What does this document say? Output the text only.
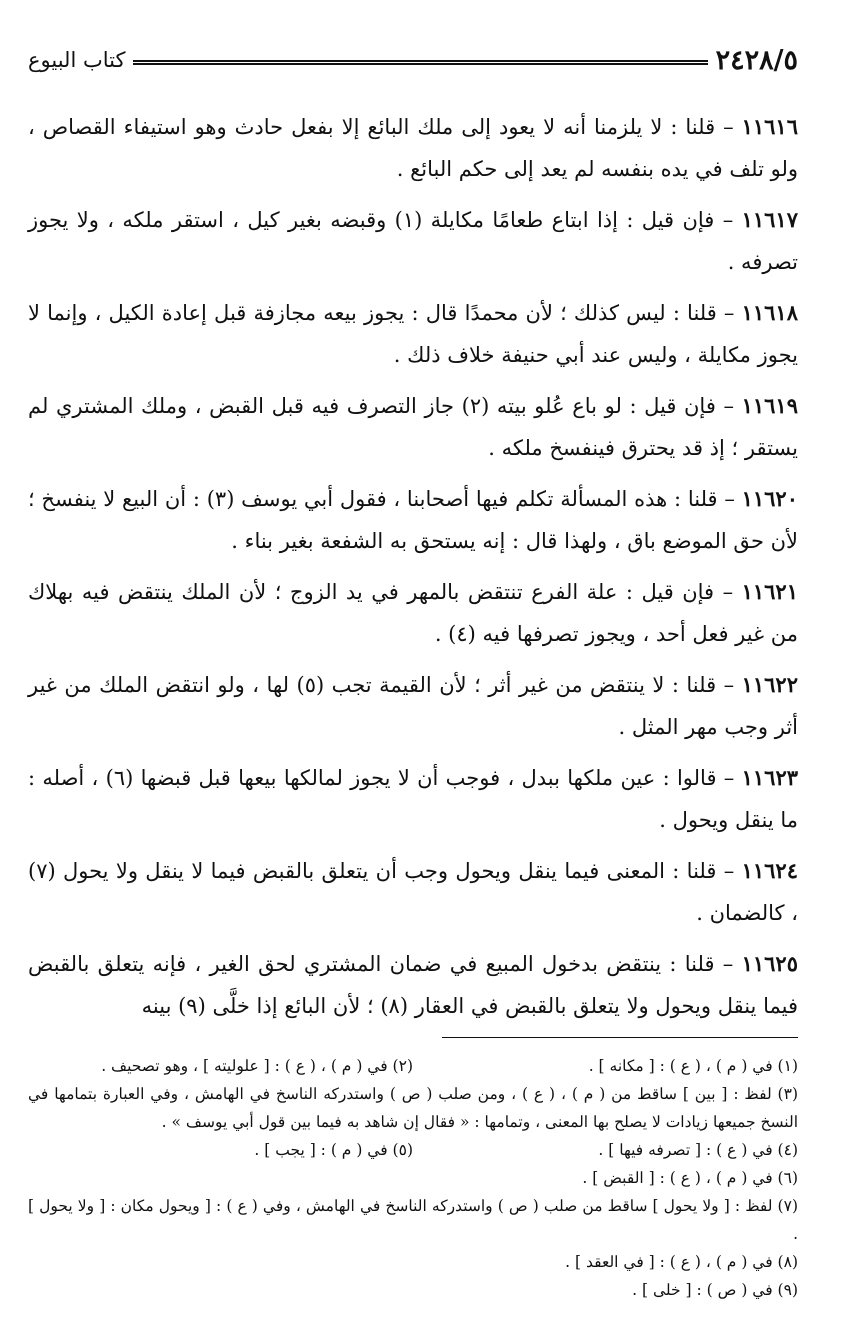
٢٤٢٨/٥
كتاب البيوع

١١٦١٦ – قلنا : لا يلزمنا أنه لا يعود إلى ملك البائع إلا بفعل حادث وهو استيفاء القصاص ، ولو تلف في يده بنفسه لم يعد إلى حكم البائع .

١١٦١٧ – فإن قيل : إذا ابتاع طعامًا مكايلة (١) وقبضه بغير كيل ، استقر ملكه ، ولا يجوز تصرفه .

١١٦١٨ – قلنا : ليس كذلك ؛ لأن محمدًا قال : يجوز بيعه مجازفة قبل إعادة الكيل ، وإنما لا يجوز مكايلة ، وليس عند أبي حنيفة خلاف ذلك .

١١٦١٩ – فإن قيل : لو باع عُلو بيته (٢) جاز التصرف فيه قبل القبض ، وملك المشتري لم يستقر ؛ إذ قد يحترق فينفسخ ملكه .

١١٦٢٠ – قلنا : هذه المسألة تكلم فيها أصحابنا ، فقول أبي يوسف (٣) : أن البيع لا ينفسخ ؛ لأن حق الموضع باق ، ولهذا قال : إنه يستحق به الشفعة بغير بناء .

١١٦٢١ – فإن قيل : علة الفرع تنتقض بالمهر في يد الزوج ؛ لأن الملك ينتقض فيه بهلاك من غير فعل أحد ، ويجوز تصرفها فيه (٤) .

١١٦٢٢ – قلنا : لا ينتقض من غير أثر ؛ لأن القيمة تجب (٥) لها ، ولو انتقض الملك من غير أثر وجب مهر المثل .

١١٦٢٣ – قالوا : عين ملكها ببدل ، فوجب أن لا يجوز لمالكها بيعها قبل قبضها (٦) ، أصله : ما ينقل ويحول .

١١٦٢٤ – قلنا : المعنى فيما ينقل ويحول وجب أن يتعلق بالقبض فيما لا ينقل ولا يحول (٧) ، كالضمان .

١١٦٢٥ – قلنا : ينتقض بدخول المبيع في ضمان المشتري لحق الغير ، فإنه يتعلق بالقبض فيما ينقل ويحول ولا يتعلق بالقبض في العقار (٨) ؛ لأن البائع إذا خلَّى (٩) بينه

(١) في ( م ) ، ( ع ) : [ مكانه ] .
(٢) في ( م ) ، ( ع ) : [ علوليته ] ، وهو تصحيف .
(٣) لفظ : [ بين ] ساقط من ( م ) ، ( ع ) ، ومن صلب ( ص ) واستدركه الناسخ في الهامش ، وفي العبارة بتمامها في النسخ جميعها زيادات لا يصلح بها المعنى ، وتمامها : « فقال إن شاهد به فيما بين قول أبي يوسف » .
(٤) في ( ع ) : [ تصرفه فيها ] .
(٥) في ( م ) : [ يجب ] .
(٦) في ( م ) ، ( ع ) : [ القبض ] .
(٧) لفظ : [ ولا يحول ] ساقط من صلب ( ص ) واستدركه الناسخ في الهامش ، وفي ( ع ) : [ ويحول مكان : [ ولا يحول ] .
(٨) في ( م ) ، ( ع ) : [ في العقد ] .
(٩) في ( ص ) : [ خلى ] .
